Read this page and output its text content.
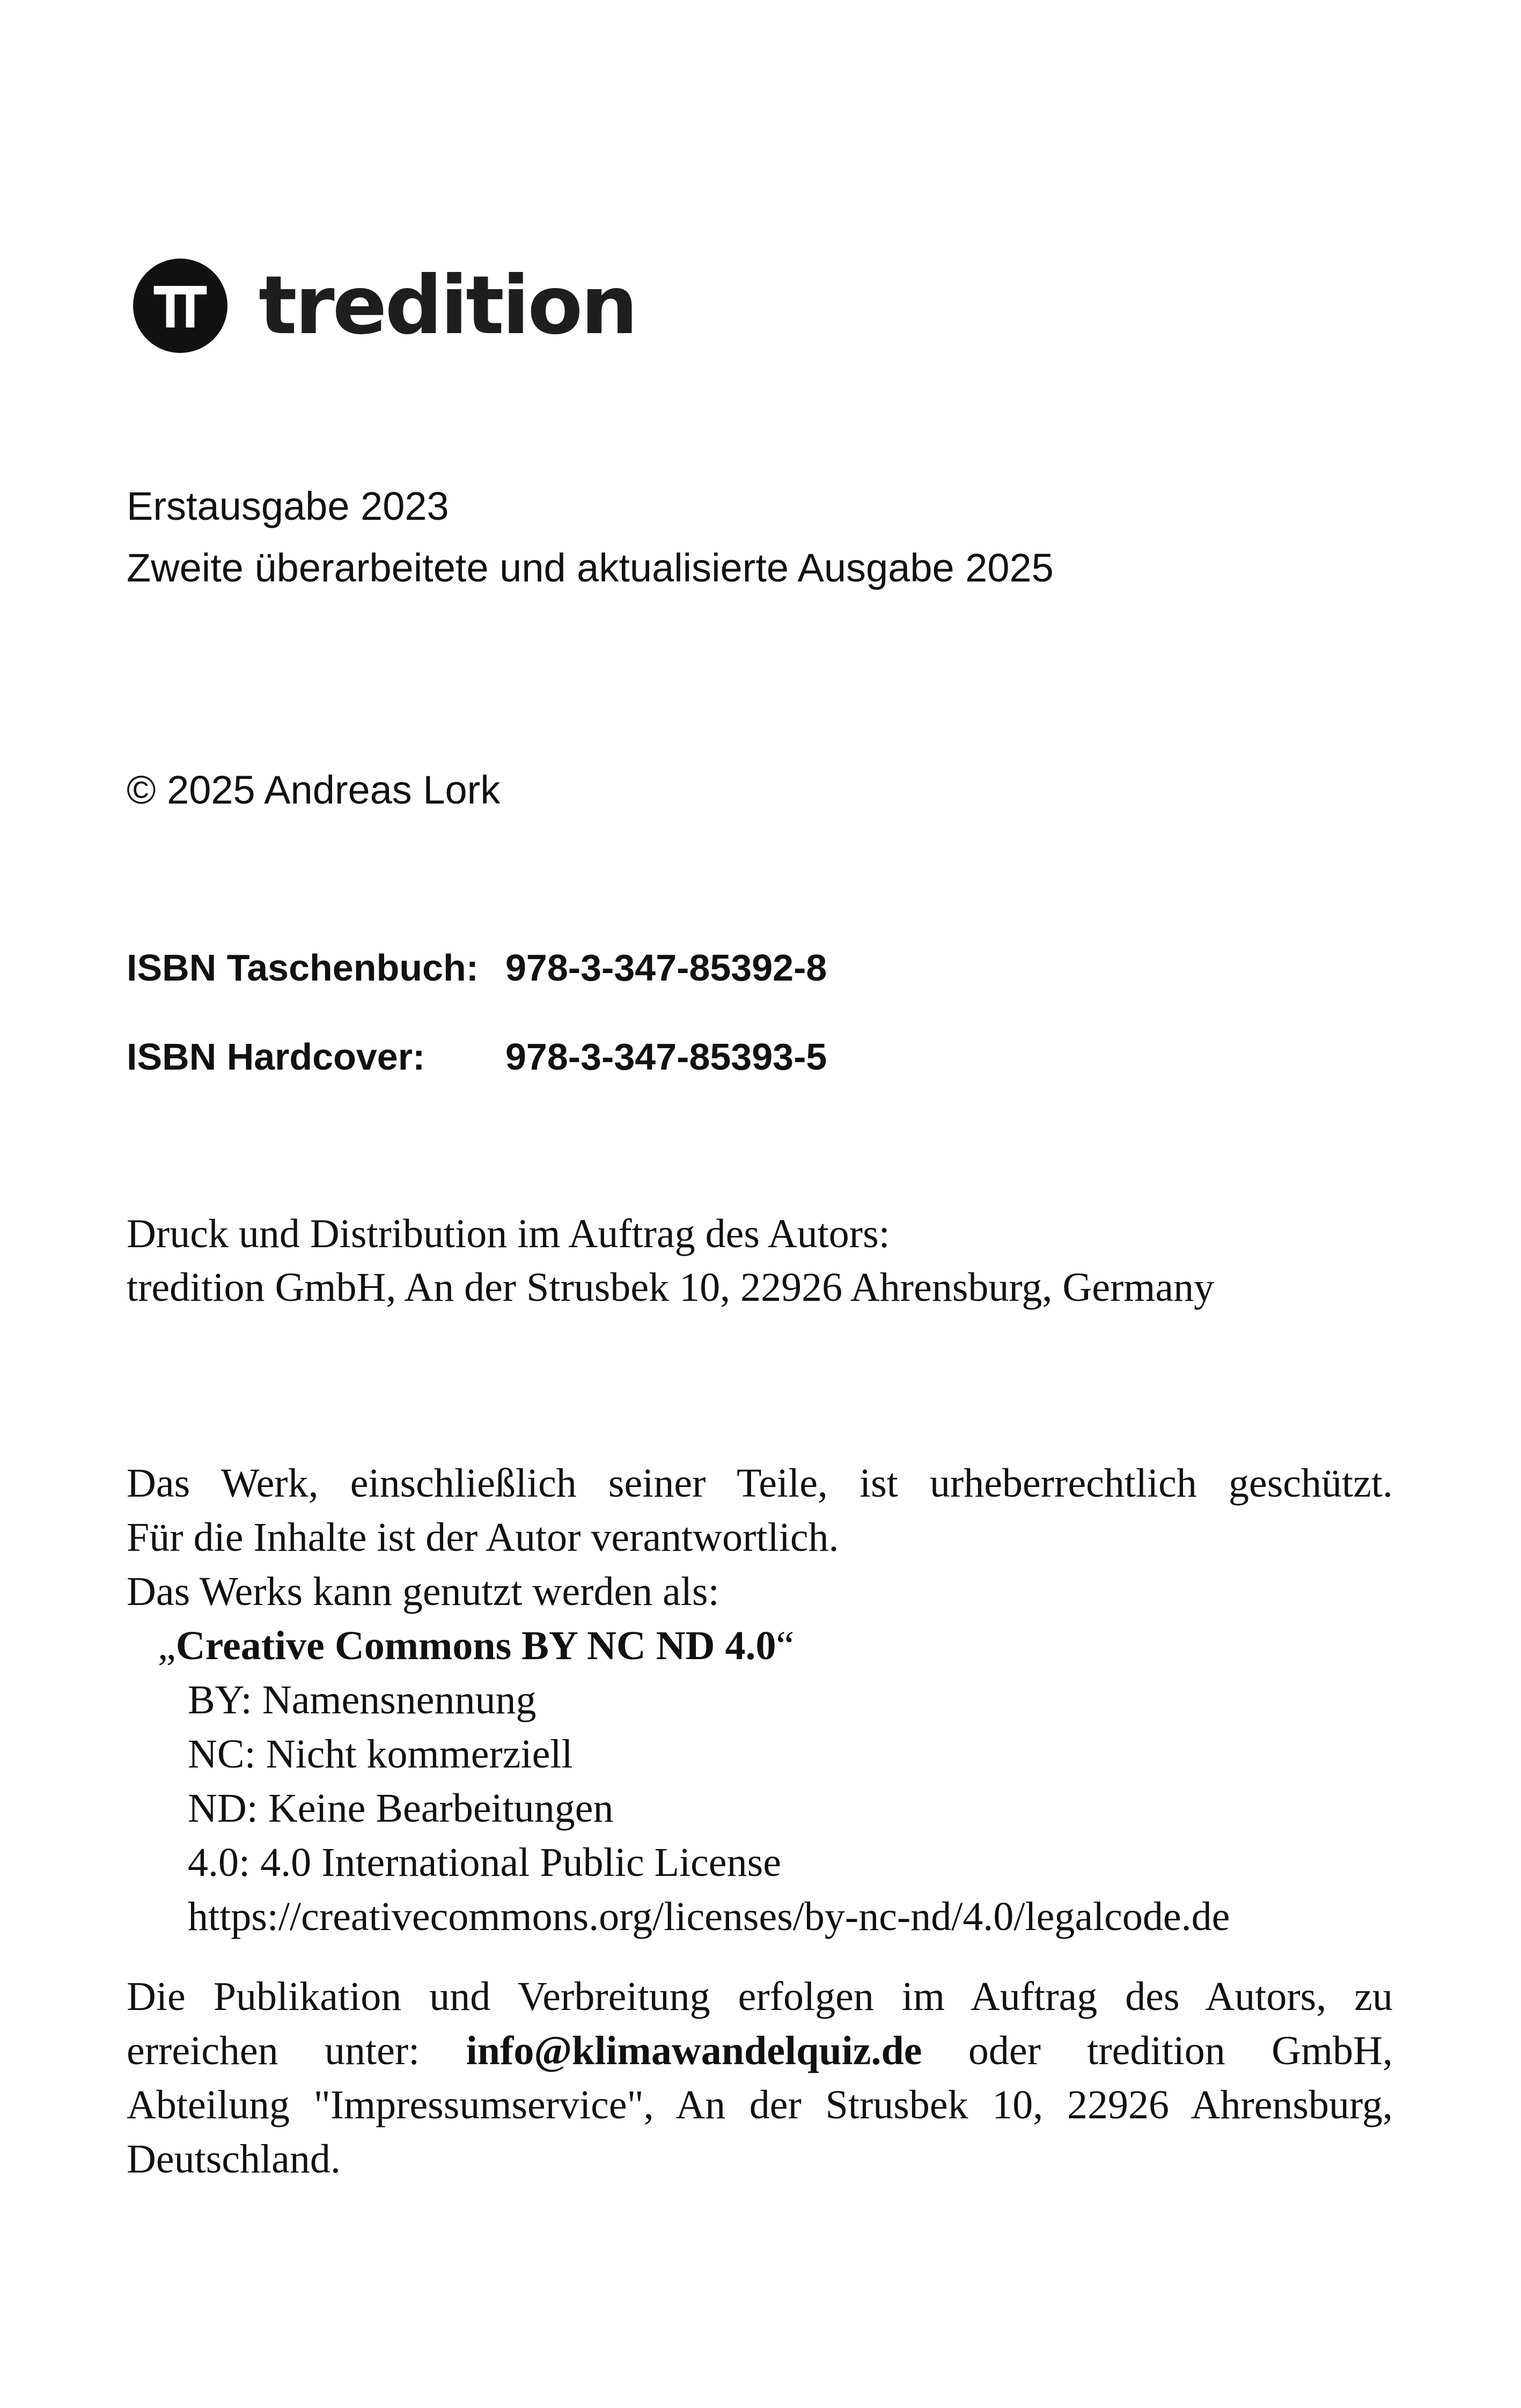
tredition
Erstausgabe 2023
Zweite überarbeitete und aktualisierte Ausgabe 2025
© 2025 Andreas Lork
ISBN Taschenbuch: 978-3-347-85392-8
ISBN Hardcover: 978-3-347-85393-5
Druck und Distribution im Auftrag des Autors:
tredition GmbH, An der Strusbek 10, 22926 Ahrensburg, Germany
Das Werk, einschließlich seiner Teile, ist urheberrechtlich geschützt.
Für die Inhalte ist der Autor verantwortlich.
Das Werks kann genutzt werden als:
„Creative Commons BY NC ND 4.0“
BY: Namensnennung
NC: Nicht kommerziell
ND: Keine Bearbeitungen
4.0: 4.0 International Public License
https://creativecommons.org/licenses/by-nc-nd/4.0/legalcode.de
Die Publikation und Verbreitung erfolgen im Auftrag des Autors, zu
erreichen unter: info@klimawandelquiz.de oder tredition GmbH,
Abteilung "Impressumservice", An der Strusbek 10, 22926 Ahrensburg,
Deutschland.
